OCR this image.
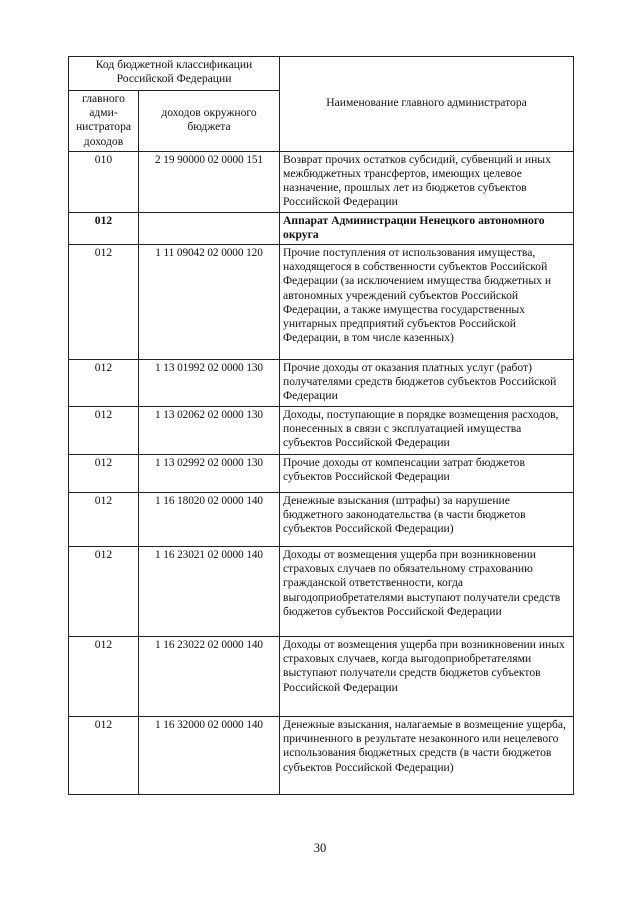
Код бюджетной классификации Российской Федерации		Наименование главного администратора
главного адми-нистратора доходов	доходов окружного бюджета	
010	2 19 90000 02 0000 151	Возврат прочих остатков субсидий, субвенций и иных межбюджетных трансфертов, имеющих целевое назначение, прошлых лет из бюджетов субъектов Российской Федерации
012		Аппарат Администрации Ненецкого автономного округа
012	1 11 09042 02 0000 120	Прочие поступления от использования имущества, находящегося в собственности субъектов Российской Федерации (за исключением имущества бюджетных и автономных учреждений субъектов Российской Федерации, а также имущества государственных унитарных предприятий субъектов Российской Федерации, в том числе казенных)
012	1 13 01992 02 0000 130	Прочие доходы от оказания платных услуг (работ) получателями средств бюджетов субъектов Российской Федерации
012	1 13 02062 02 0000 130	Доходы, поступающие в порядке возмещения расходов, понесенных в связи с эксплуатацией имущества субъектов Российской Федерации
012	1 13 02992 02 0000 130	Прочие доходы от компенсации затрат бюджетов субъектов Российской Федерации
012	1 16 18020 02 0000 140	Денежные взыскания (штрафы) за нарушение бюджетного законодательства (в части бюджетов субъектов Российской Федерации)
012	1 16 23021 02 0000 140	Доходы от возмещения ущерба при возникновении страховых случаев по обязательному страхованию гражданской ответственности, когда выгодоприобретателями выступают получатели средств бюджетов субъектов Российской Федерации
012	1 16 23022 02 0000 140	Доходы от возмещения ущерба при возникновении иных страховых случаев, когда выгодоприобретателями выступают получатели средств бюджетов субъектов Российской Федерации
012	1 16 32000 02 0000 140	Денежные взыскания, налагаемые в возмещение ущерба, причиненного в результате незаконного или нецелевого использования бюджетных средств (в части бюджетов субъектов Российской Федерации)
30
